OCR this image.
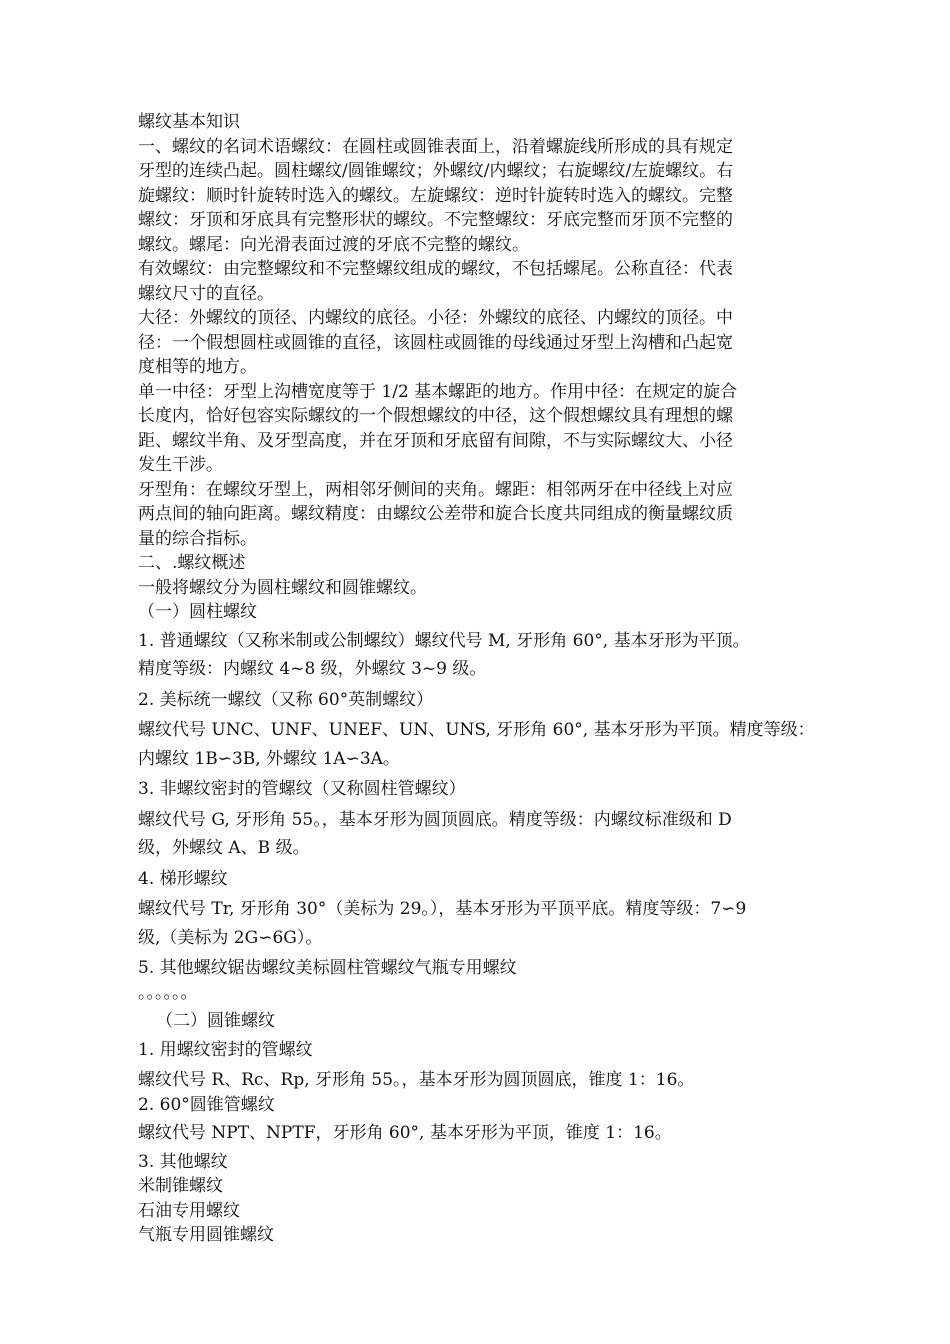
螺纹基本知识

一、螺纹的名词术语螺纹：在圆柱或圆锥表面上，沿着螺旋线所形成的具有规定

牙型的连续凸起。圆柱螺纹/圆锥螺纹；外螺纹/内螺纹；右旋螺纹/左旋螺纹。右

旋螺纹：顺时针旋转时选入的螺纹。左旋螺纹：逆时针旋转时选入的螺纹。完整

螺纹：牙顶和牙底具有完整形状的螺纹。不完整螺纹：牙底完整而牙顶不完整的

螺纹。螺尾：向光滑表面过渡的牙底不完整的螺纹。

有效螺纹：由完整螺纹和不完整螺纹组成的螺纹，不包括螺尾。公称直径：代表

螺纹尺寸的直径。

大径：外螺纹的顶径、内螺纹的底径。小径：外螺纹的底径、内螺纹的顶径。中

径：一个假想圆柱或圆锥的直径，该圆柱或圆锥的母线通过牙型上沟槽和凸起宽

度相等的地方。

单一中径：牙型上沟槽宽度等于 1/2 基本螺距的地方。作用中径：在规定的旋合

长度内，恰好包容实际螺纹的一个假想螺纹的中径，这个假想螺纹具有理想的螺

距、螺纹半角、及牙型高度，并在牙顶和牙底留有间隙，不与实际螺纹大、小径

发生干涉。

牙型角：在螺纹牙型上，两相邻牙侧间的夹角。螺距：相邻两牙在中径线上对应

两点间的轴向距离。螺纹精度：由螺纹公差带和旋合长度共同组成的衡量螺纹质

量的综合指标。

二、.螺纹概述

一般将螺纹分为圆柱螺纹和圆锥螺纹。

（一）圆柱螺纹

1. 普通螺纹（又称米制或公制螺纹）螺纹代号 M, 牙形角 60°, 基本牙形为平顶。

精度等级：内螺纹 4~8 级，外螺纹 3~9 级。

2. 美标统一螺纹（又称 60°英制螺纹）

螺纹代号 UNC、UNF、UNEF、UN、UNS, 牙形角 60°, 基本牙形为平顶。精度等级：

内螺纹 1B∽3B, 外螺纹 1A∽3A。

3. 非螺纹密封的管螺纹（又称圆柱管螺纹）

螺纹代号 G, 牙形角 55。，基本牙形为圆顶圆底。精度等级：内螺纹标准级和 D

级，外螺纹 A、B 级。

4. 梯形螺纹

螺纹代号 Tr, 牙形角 30°（美标为 29。），基本牙形为平顶平底。精度等级：7∽9

级,（美标为 2G∽6G）。

5. 其他螺纹锯齿螺纹美标圆柱管螺纹气瓶专用螺纹

。。。。。。

（二）圆锥螺纹

1. 用螺纹密封的管螺纹

螺纹代号 R、Rc、Rp, 牙形角 55。，基本牙形为圆顶圆底，锥度 1：16。

2. 60°圆锥管螺纹

螺纹代号 NPT、NPTF，牙形角 60°, 基本牙形为平顶，锥度 1：16。

3. 其他螺纹

米制锥螺纹

石油专用螺纹

气瓶专用圆锥螺纹
